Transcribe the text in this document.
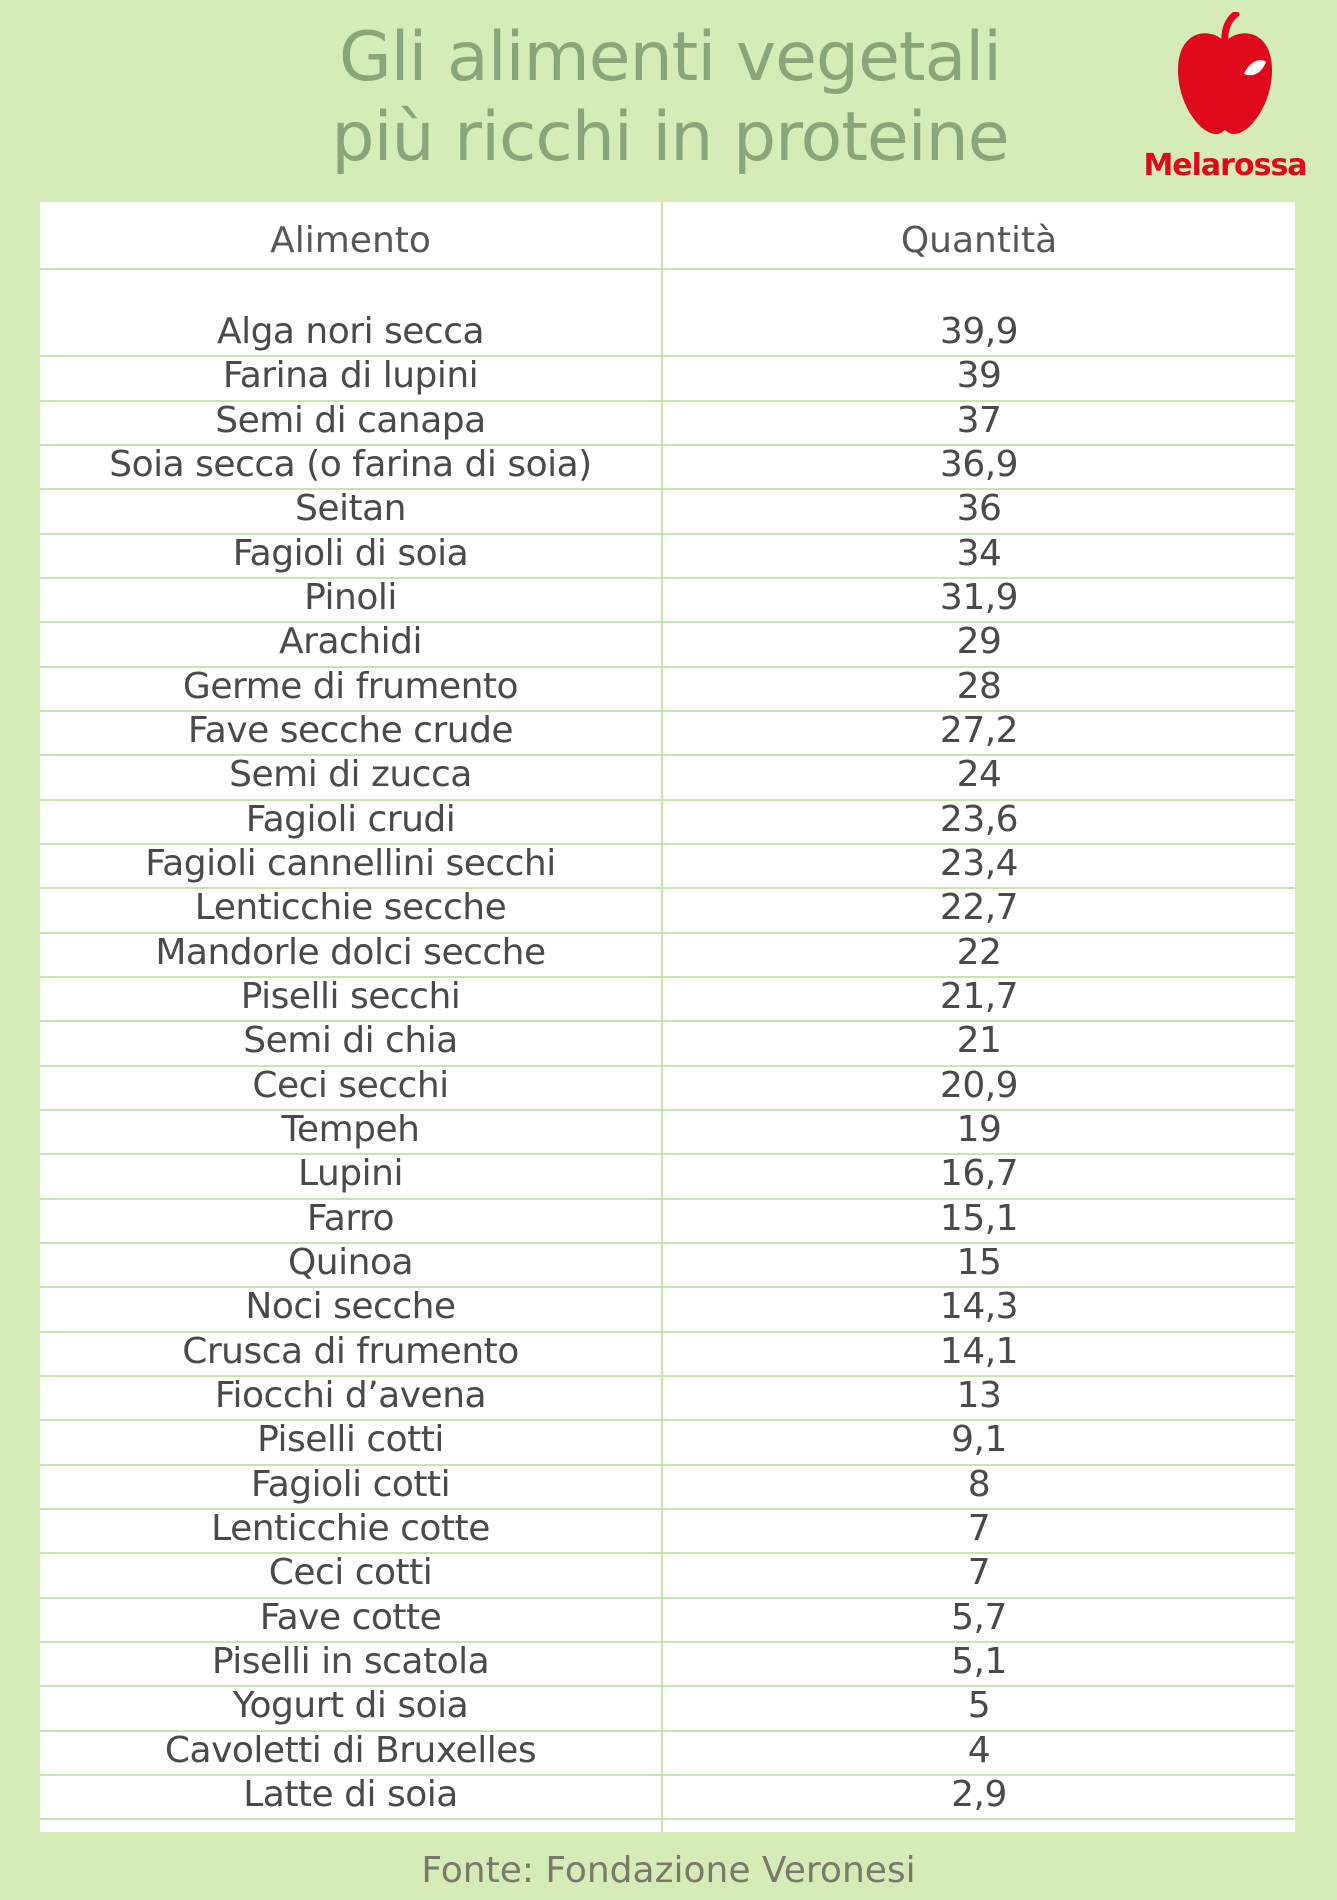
Gli alimenti vegetali
più ricchi in proteine	Melarossa
Alimento	Quantità
Alga nori secca	39,9
Farina di lupini	39
Semi di canapa	37
Soia secca (o farina di soia)	36,9
Seitan	36
Fagioli di soia	34
Pinoli	31,9
Arachidi	29
Germe di frumento	28
Fave secche crude	27,2
Semi di zucca	24
Fagioli crudi	23,6
Fagioli cannellini secchi	23,4
Lenticchie secche	22,7
Mandorle dolci secche	22
Piselli secchi	21,7
Semi di chia	21
Ceci secchi	20,9
Tempeh	19
Lupini	16,7
Farro	15,1
Quinoa	15
Noci secche	14,3
Crusca di frumento	14,1
Fiocchi d’avena	13
Piselli cotti	9,1
Fagioli cotti	8
Lenticchie cotte	7
Ceci cotti	7
Fave cotte	5,7
Piselli in scatola	5,1
Yogurt di soia	5
Cavoletti di Bruxelles	4
Latte di soia	2,9
Fonte: Fondazione Veronesi
